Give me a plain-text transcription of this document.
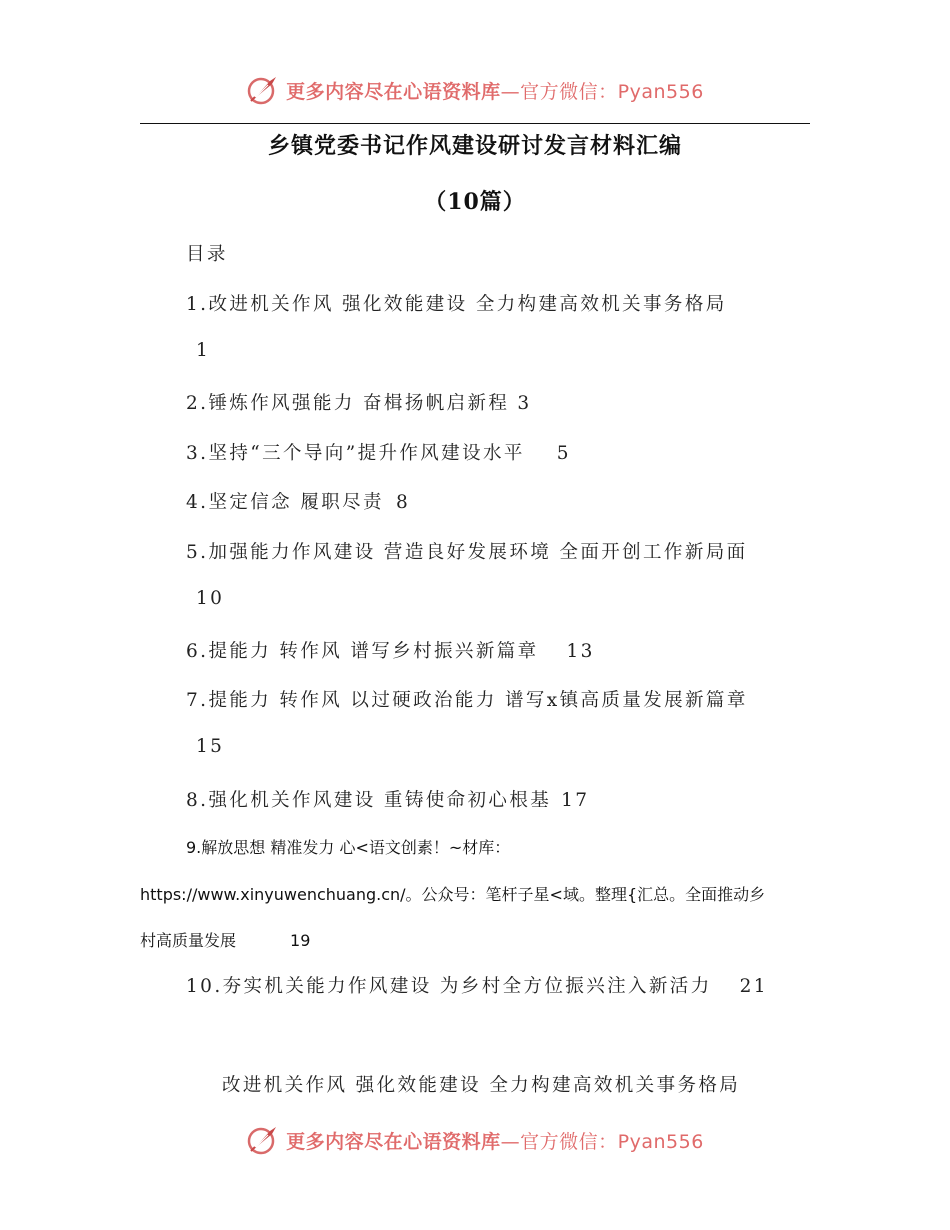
更多内容尽在心语资料库—官方微信：Pyan556
乡镇党委书记作风建设研讨发言材料汇编
（10篇）
目录
1.改进机关作风 强化效能建设 全力构建高效机关事务格局
1
2.锤炼作风强能力 奋楫扬帆启新程 3
3.坚持“三个导向”提升作风建设水平 5
4.坚定信念 履职尽责 8
5.加强能力作风建设 营造良好发展环境 全面开创工作新局面
10
6.提能力 转作风 谱写乡村振兴新篇章 13
7.提能力 转作风 以过硬政治能力 谱写x镇高质量发展新篇章
15
8.强化机关作风建设 重铸使命初心根基 17
9.解放思想 精准发力 心<语文创素！~材库：
https://www.xinyuwenchuang.cn/。公众号：笔杆子星<域。整理{汇总。全面推动乡
村高质量发展	19
10.夯实机关能力作风建设 为乡村全方位振兴注入新活力 21
改进机关作风 强化效能建设 全力构建高效机关事务格局
更多内容尽在心语资料库—官方微信：Pyan556
